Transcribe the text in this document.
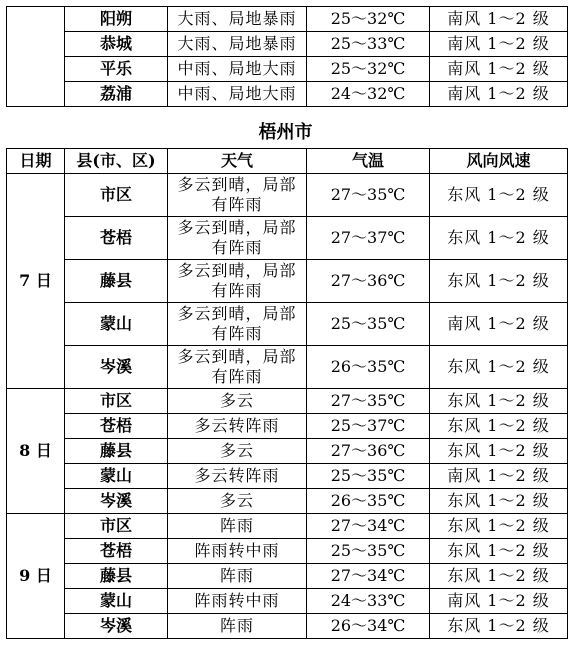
	阳朔	大雨、局地暴雨	25～32℃	南风 1～2 级
	恭城	大雨、局地暴雨	25～33℃	南风 1～2 级
	平乐	中雨、局地大雨	25～32℃	南风 1～2 级
	荔浦	中雨、局地大雨	24～32℃	南风 1～2 级
梧州市
日期	县(市、区)	天气	气温	风向风速
7 日	市区	多云到晴，局部
有阵雨	27～35℃	东风 1～2 级
	苍梧	多云到晴，局部
有阵雨	27～37℃	东风 1～2 级
	藤县	多云到晴，局部
有阵雨	27～36℃	东风 1～2 级
	蒙山	多云到晴，局部
有阵雨	25～35℃	南风 1～2 级
	岑溪	多云到晴，局部
有阵雨	26～35℃	东风 1～2 级
8 日	市区	多云	27～35℃	东风 1～2 级
	苍梧	多云转阵雨	25～37℃	东风 1～2 级
	藤县	多云	27～36℃	东风 1～2 级
	蒙山	多云转阵雨	25～35℃	南风 1～2 级
	岑溪	多云	26～35℃	东风 1～2 级
9 日	市区	阵雨	27～34℃	东风 1～2 级
	苍梧	阵雨转中雨	25～35℃	东风 1～2 级
	藤县	阵雨	27～34℃	东风 1～2 级
	蒙山	阵雨转中雨	24～33℃	南风 1～2 级
	岑溪	阵雨	26～34℃	东风 1～2 级
